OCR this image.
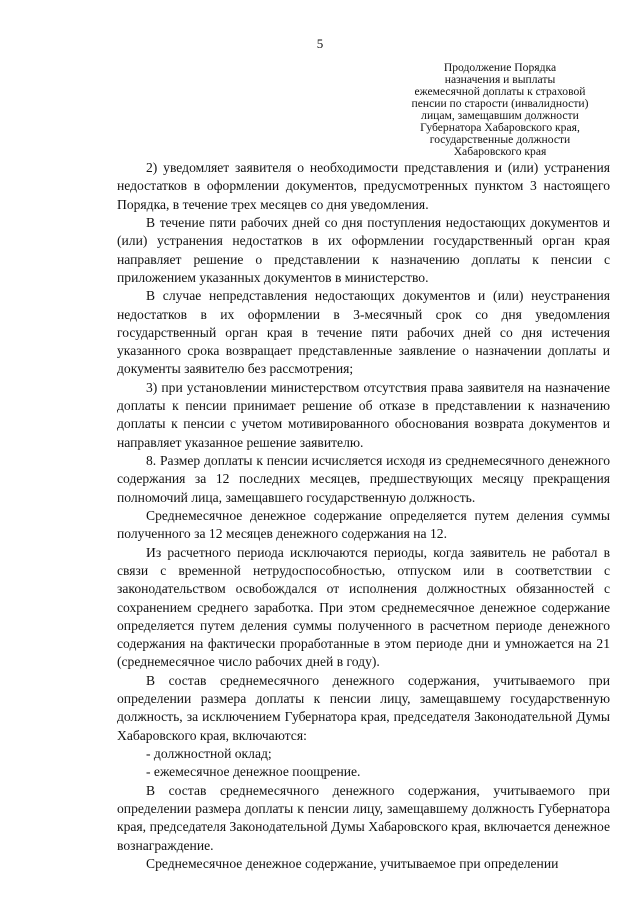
5
Продолжение Порядка
назначения и выплаты
ежемесячной доплаты к страховой
пенсии по старости (инвалидности)
лицам, замещавшим должности
Губернатора Хабаровского края,
государственные должности
Хабаровского края

2) уведомляет заявителя о необходимости представления и (или) устранения недостатков в оформлении документов, предусмотренных пунктом 3 настоящего Порядка, в течение трех месяцев со дня уведомления.

В течение пяти рабочих дней со дня поступления недостающих документов и (или) устранения недостатков в их оформлении государственный орган края направляет решение о представлении к назначению доплаты к пенсии с приложением указанных документов в министерство.

В случае непредставления недостающих документов и (или) неустранения недостатков в их оформлении в 3-месячный срок со дня уведомления государственный орган края в течение пяти рабочих дней со дня истечения указанного срока возвращает представленные заявление о назначении доплаты и документы заявителю без рассмотрения;

3) при установлении министерством отсутствия права заявителя на назначение доплаты к пенсии принимает решение об отказе в представлении к назначению доплаты к пенсии с учетом мотивированного обоснования возврата документов и направляет указанное решение заявителю.

8. Размер доплаты к пенсии исчисляется исходя из среднемесячного денежного содержания за 12 последних месяцев, предшествующих месяцу прекращения полномочий лица, замещавшего государственную должность.

Среднемесячное денежное содержание определяется путем деления суммы полученного за 12 месяцев денежного содержания на 12.

Из расчетного периода исключаются периоды, когда заявитель не работал в связи с временной нетрудоспособностью, отпуском или в соответствии с законодательством освобождался от исполнения должностных обязанностей с сохранением среднего заработка. При этом среднемесячное денежное содержание определяется путем деления суммы полученного в расчетном периоде денежного содержания на фактически проработанные в этом периоде дни и умножается на 21 (среднемесячное число рабочих дней в году).

В состав среднемесячного денежного содержания, учитываемого при определении размера доплаты к пенсии лицу, замещавшему государственную должность, за исключением Губернатора края, председателя Законодательной Думы Хабаровского края, включаются:

- должностной оклад;

- ежемесячное денежное поощрение.

В состав среднемесячного денежного содержания, учитываемого при определении размера доплаты к пенсии лицу, замещавшему должность Губернатора края, председателя Законодательной Думы Хабаровского края, включается денежное вознаграждение.

Среднемесячное денежное содержание, учитываемое при определении
